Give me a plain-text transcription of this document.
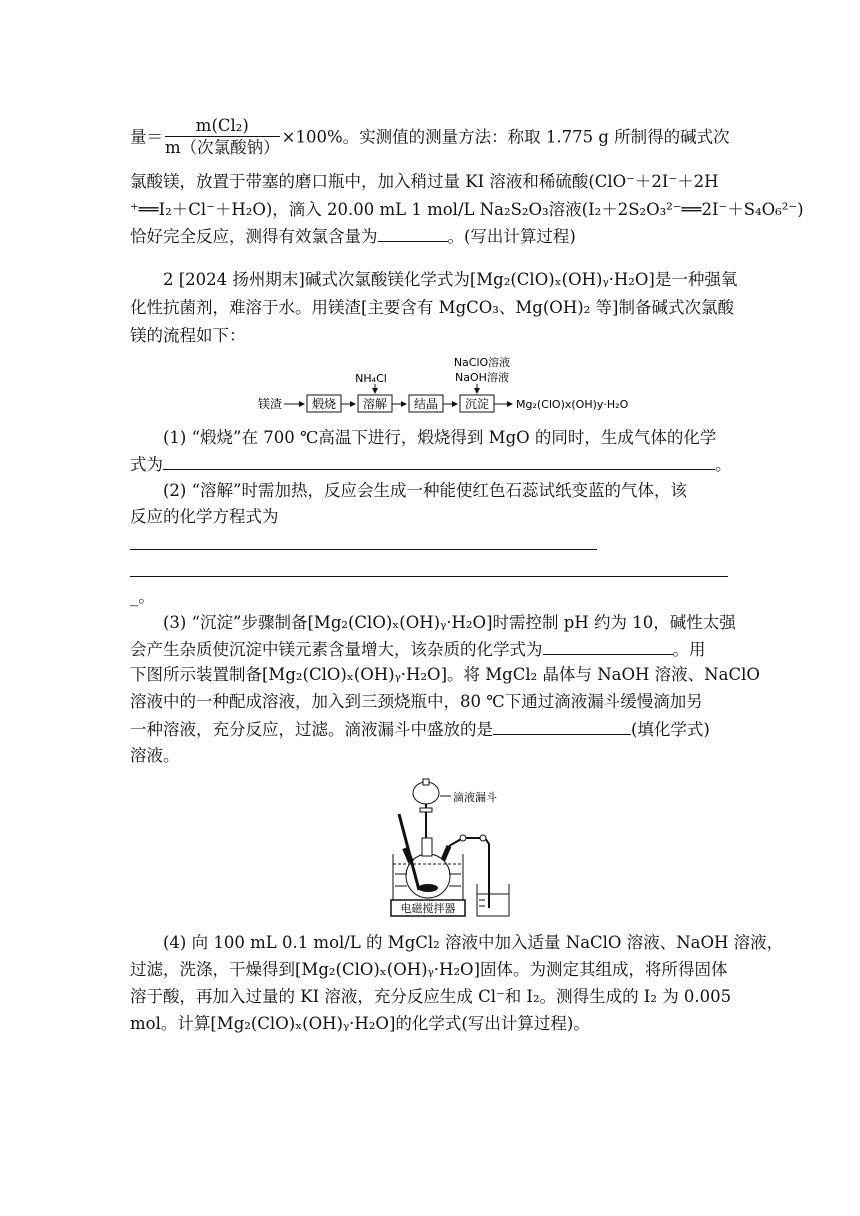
量＝ $\frac{\text{m(Cl₂)}}{\text{m（次氯酸钠）}} \times 100\%$。实测值的测量方法：称取 1.775 g 所制得的碱式次
氯酸镁，放置于带塞的磨口瓶中，加入稍过量 KI 溶液和稀硫酸(ClO⁻＋2I⁻＋2H
⁺══I₂＋Cl⁻＋H₂O)，滴入 20.00 mL 1 mol/L Na₂S₂O₃溶液(I₂＋2S₂O₃²⁻══2I⁻＋S₄O₆²⁻)
恰好完全反应，测得有效氯含量为	。(写出计算过程)
2 [2024 扬州期末]碱式次氯酸镁化学式为[Mg₂(ClO)ₓ(OH)ᵧ·H₂O]是一种强氧
化性抗菌剂，难溶于水。用镁渣[主要含有 MgCO₃、Mg(OH)₂ 等]制备碱式次氯酸
镁的流程如下：
镁渣 煅烧 溶解
NH₄Cl
结晶 沉淀
NaClO溶液
NaOH溶液
Mg₂(ClO)x(OH)y·H₂O
(1) “煅烧”在 700 ℃高温下进行，煅烧得到 MgO 的同时，生成气体的化学
式为	。
(2) “溶解”时需加热，反应会生成一种能使红色石蕊试纸变蓝的气体，该
反应的化学方程式为
_。
(3) “沉淀”步骤制备[Mg₂(ClO)ₓ(OH)ᵧ·H₂O]时需控制 pH 约为 10，碱性太强
会产生杂质使沉淀中镁元素含量增大，该杂质的化学式为	。用
下图所示装置制备[Mg₂(ClO)ₓ(OH)ᵧ·H₂O]。将 MgCl₂ 晶体与 NaOH 溶液、NaClO
溶液中的一种配成溶液，加入到三颈烧瓶中，80 ℃下通过滴液漏斗缓慢滴加另
一种溶液，充分反应，过滤。滴液漏斗中盛放的是	(填化学式)
溶液。
滴液漏斗
电磁搅拌器
(4) 向 100 mL 0.1 mol/L 的 MgCl₂ 溶液中加入适量 NaClO 溶液、NaOH 溶液，
过滤，洗涤，干燥得到[Mg₂(ClO)ₓ(OH)ᵧ·H₂O]固体。为测定其组成，将所得固体
溶于酸，再加入过量的 KI 溶液，充分反应生成 Cl⁻和 I₂。测得生成的 I₂ 为 0.005
mol。计算[Mg₂(ClO)ₓ(OH)ᵧ·H₂O]的化学式(写出计算过程)。
